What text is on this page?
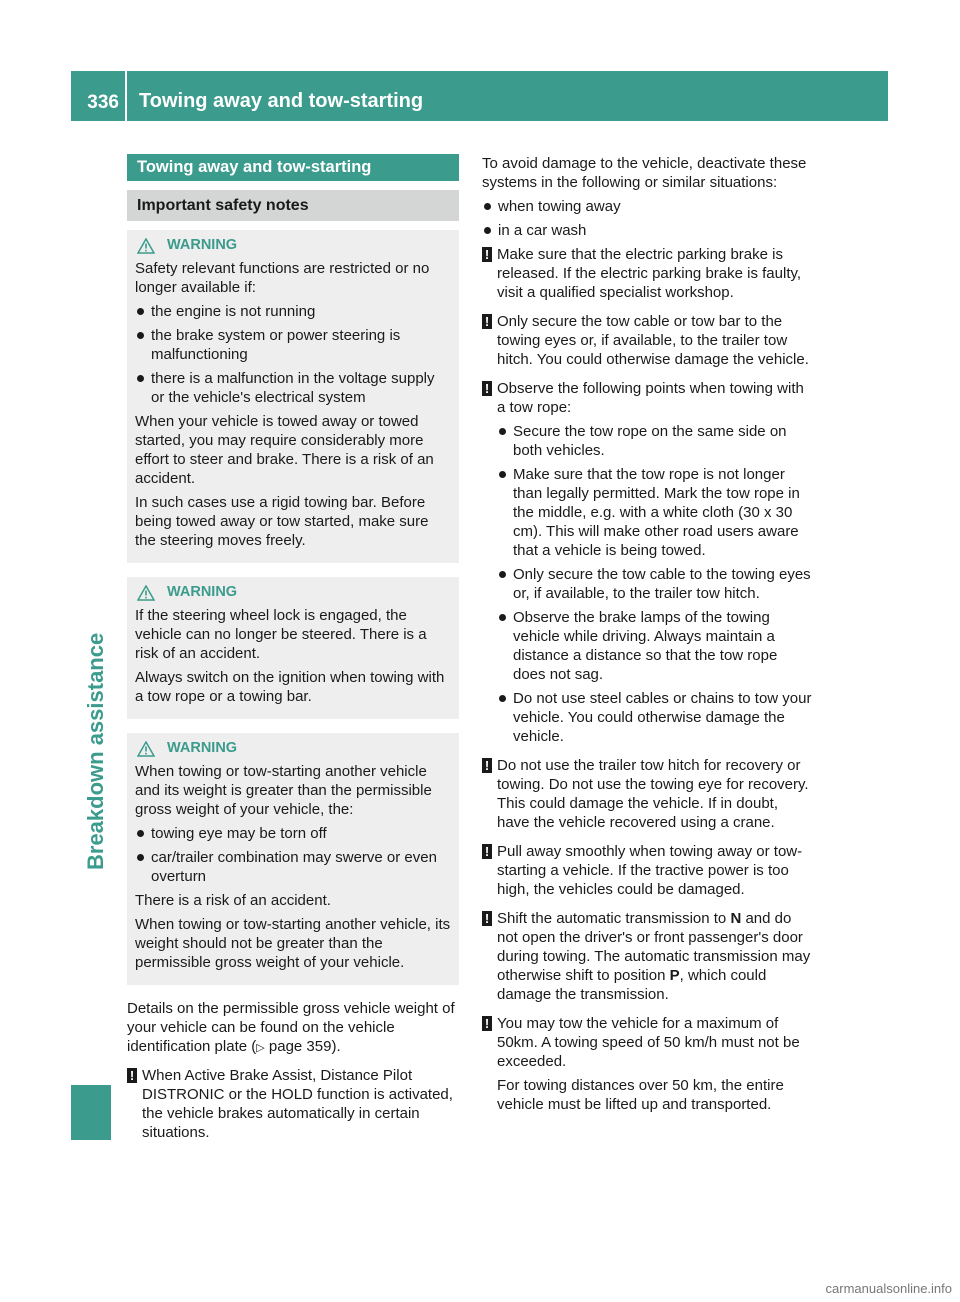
336	Towing away and tow-starting
Breakdown assistance
Towing away and tow-starting
Important safety notes
WARNING

Safety relevant functions are restricted or no longer available if:

the engine is not running
the brake system or power steering is malfunctioning
there is a malfunction in the voltage supply or the vehicle's electrical system

When your vehicle is towed away or towed started, you may require considerably more effort to steer and brake. There is a risk of an accident.

In such cases use a rigid towing bar. Before being towed away or tow started, make sure the steering moves freely.

WARNING

If the steering wheel lock is engaged, the vehicle can no longer be steered. There is a risk of an accident.

Always switch on the ignition when towing with a tow rope or a towing bar.

WARNING

When towing or tow-starting another vehicle and its weight is greater than the permissible gross weight of your vehicle, the:

towing eye may be torn off
car/trailer combination may swerve or even overturn

There is a risk of an accident.

When towing or tow-starting another vehicle, its weight should not be greater than the permissible gross weight of your vehicle.

Details on the permissible gross vehicle weight of your vehicle can be found on the vehicle identification plate (▷ page 359).

! When Active Brake Assist, Distance Pilot DISTRONIC or the HOLD function is activated, the vehicle brakes automatically in certain situations.

To avoid damage to the vehicle, deactivate these systems in the following or similar situations:

when towing away
in a car wash
! Make sure that the electric parking brake is released. If the electric parking brake is faulty, visit a qualified specialist workshop.

! Only secure the tow cable or tow bar to the towing eyes or, if available, to the trailer tow hitch. You could otherwise damage the vehicle.

! Observe the following points when towing with a tow rope:

Secure the tow rope on the same side on both vehicles.
Make sure that the tow rope is not longer than legally permitted. Mark the tow rope in the middle, e.g. with a white cloth (30 x 30 cm). This will make other road users aware that a vehicle is being towed.
Only secure the tow cable to the towing eyes or, if available, to the trailer tow hitch.
Observe the brake lamps of the towing vehicle while driving. Always maintain a distance a distance so that the tow rope does not sag.
Do not use steel cables or chains to tow your vehicle. You could otherwise damage the vehicle.
! Do not use the trailer tow hitch for recovery or towing. Do not use the towing eye for recovery. This could damage the vehicle. If in doubt, have the vehicle recovered using a crane.

! Pull away smoothly when towing away or tow-starting a vehicle. If the tractive power is too high, the vehicles could be damaged.

! Shift the automatic transmission to N and do not open the driver's or front passenger's door during towing. The automatic transmission may otherwise shift to position P, which could damage the transmission.

! You may tow the vehicle for a maximum of 50km. A towing speed of 50 km/h must not be exceeded.

For towing distances over 50 km, the entire vehicle must be lifted up and transported.

carmanualsonline.info
